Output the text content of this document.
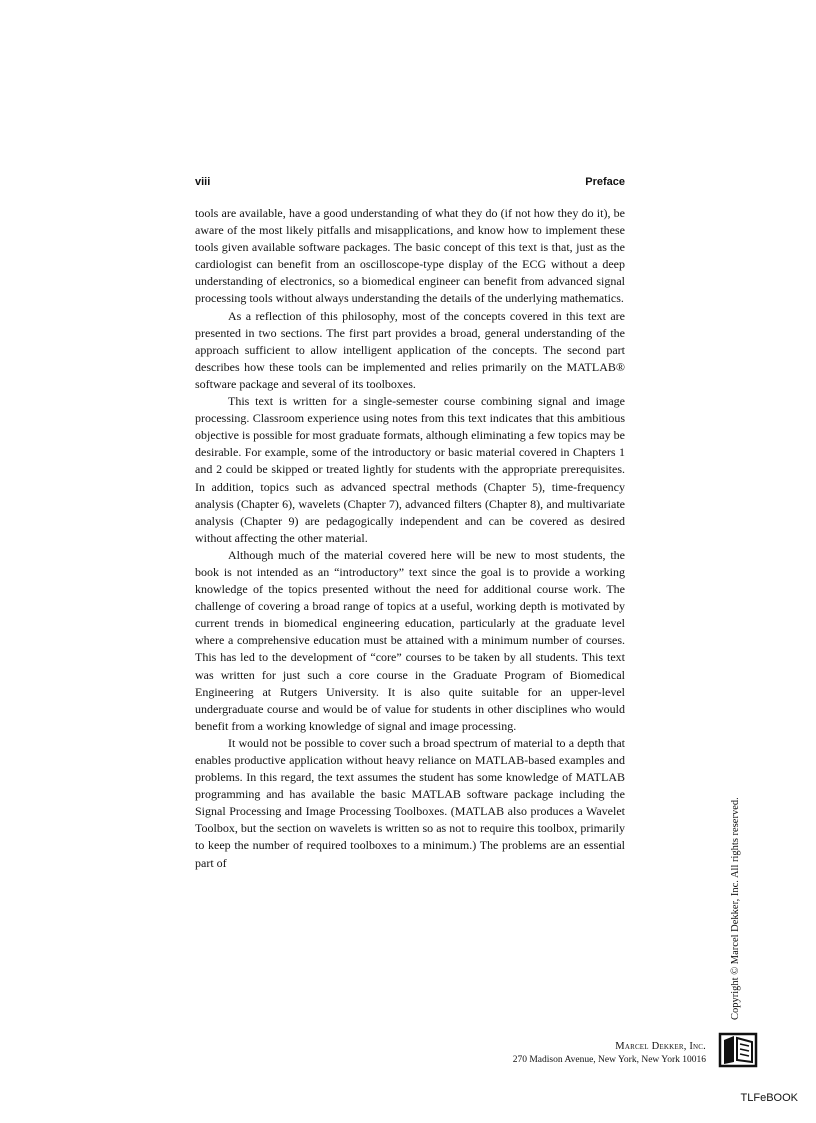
viii	Preface

tools are available, have a good understanding of what they do (if not how they do it), be aware of the most likely pitfalls and misapplications, and know how to implement these tools given available software packages. The basic concept of this text is that, just as the cardiologist can benefit from an oscilloscope-type display of the ECG without a deep understanding of electronics, so a biomedical engineer can benefit from advanced signal processing tools without always understanding the details of the underlying mathematics.

As a reflection of this philosophy, most of the concepts covered in this text are presented in two sections. The first part provides a broad, general understanding of the approach sufficient to allow intelligent application of the concepts. The second part describes how these tools can be implemented and relies primarily on the MATLAB® software package and several of its toolboxes.

This text is written for a single-semester course combining signal and image processing. Classroom experience using notes from this text indicates that this ambitious objective is possible for most graduate formats, although eliminating a few topics may be desirable. For example, some of the introductory or basic material covered in Chapters 1 and 2 could be skipped or treated lightly for students with the appropriate prerequisites. In addition, topics such as advanced spectral methods (Chapter 5), time-frequency analysis (Chapter 6), wavelets (Chapter 7), advanced filters (Chapter 8), and multivariate analysis (Chapter 9) are pedagogically independent and can be covered as desired without affecting the other material.

Although much of the material covered here will be new to most students, the book is not intended as an “introductory” text since the goal is to provide a working knowledge of the topics presented without the need for additional course work. The challenge of covering a broad range of topics at a useful, working depth is motivated by current trends in biomedical engineering education, particularly at the graduate level where a comprehensive education must be attained with a minimum number of courses. This has led to the development of “core” courses to be taken by all students. This text was written for just such a core course in the Graduate Program of Biomedical Engineering at Rutgers University. It is also quite suitable for an upper-level undergraduate course and would be of value for students in other disciplines who would benefit from a working knowledge of signal and image processing.

It would not be possible to cover such a broad spectrum of material to a depth that enables productive application without heavy reliance on MATLAB-based examples and problems. In this regard, the text assumes the student has some knowledge of MATLAB programming and has available the basic MATLAB software package including the Signal Processing and Image Processing Toolboxes. (MATLAB also produces a Wavelet Toolbox, but the section on wavelets is written so as not to require this toolbox, primarily to keep the number of required toolboxes to a minimum.) The problems are an essential part of	Copyright © Marcel Dekker, Inc. All rights reserved.
Marcel Dekker, Inc.
270 Madison Avenue, New York, New York 10016
TLFeBOOK
